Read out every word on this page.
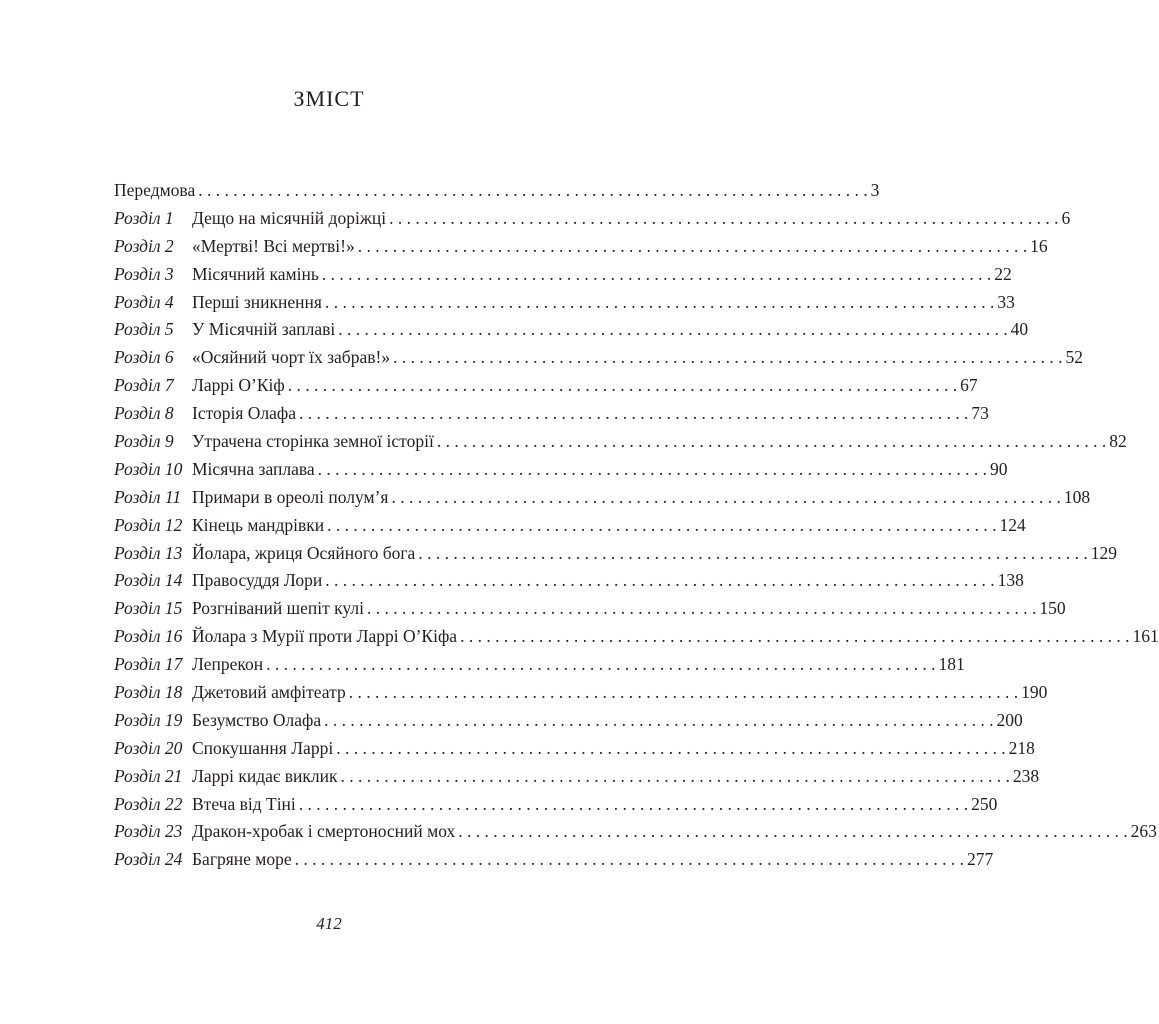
ЗМІСТ
Передмова . . .	3
Розділ 1	Дещо на місячній доріжці . . .	6
Розділ 2	«Мертві! Всі мертві!» . . .	16
Розділ 3	Місячний камінь . . .	22
Розділ 4	Перші зникнення . . .	33
Розділ 5	У Місячній заплаві . . .	40
Розділ 6	«Осяйний чорт їх забрав!» . . .	52
Розділ 7	Ларрі О’Кіф . . .	67
Розділ 8	Історія Олафа . . .	73
Розділ 9	Утрачена сторінка земної історії . . .	82
Розділ 10 Місячна заплава . . .	90
Розділ 11 Примари в ореолі полум’я . . .	108
Розділ 12 Кінець мандрівки . . .	124
Розділ 13 Йолара, жриця Осяйного бога . . .	129
Розділ 14 Правосуддя Лори . . .	138
Розділ 15 Розгніваний шепіт кулі . . .	150
Розділ 16 Йолара з Мурії проти Ларрі О’Кіфа . . .	161
Розділ 17 Лепрекон . . .	181
Розділ 18 Джетовий амфітеатр . . .	190
Розділ 19 Безумство Олафа . . .	200
Розділ 20 Спокушання Ларрі . . .	218
Розділ 21 Ларрі кидає виклик . . .	238
Розділ 22 Втеча від Тіні . . .	250
Розділ 23 Дракон-хробак і смертоносний мох . . .	263
Розділ 24 Багряне море . . .	277
412
